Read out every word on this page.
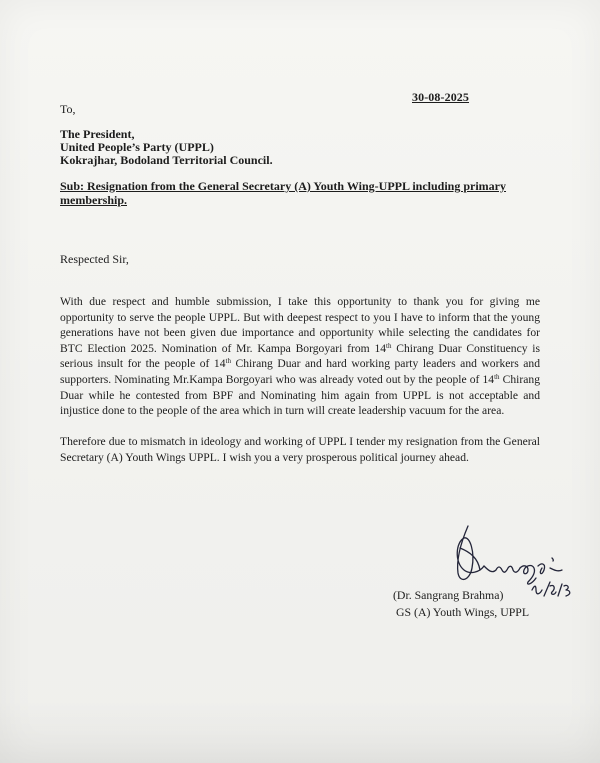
30-08-2025
To,
The President,
United People’s Party (UPPL)
Kokrajhar, Bodoland Territorial Council.
Sub: Resignation from the General Secretary (A) Youth Wing-UPPL including primary membership.
Respected Sir,
With due respect and humble submission, I take this opportunity to thank you for giving me opportunity to serve the people UPPL. But with deepest respect to you I have to inform that the young generations have not been given due importance and opportunity while selecting the candidates for BTC Election 2025. Nomination of Mr. Kampa Borgoyari from 14th Chirang Duar Constituency is serious insult for the people of 14th Chirang Duar and hard working party leaders and workers and supporters. Nominating Mr.Kampa Borgoyari who was already voted out by the people of 14th Chirang Duar while he contested from BPF and Nominating him again from UPPL is not acceptable and injustice done to the people of the area which in turn will create leadership vacuum for the area.
Therefore due to mismatch in ideology and working of UPPL I tender my resignation from the General Secretary (A) Youth Wings UPPL. I wish you a very prosperous political journey ahead.
(Dr. Sangrang Brahma)
GS (A) Youth Wings, UPPL
